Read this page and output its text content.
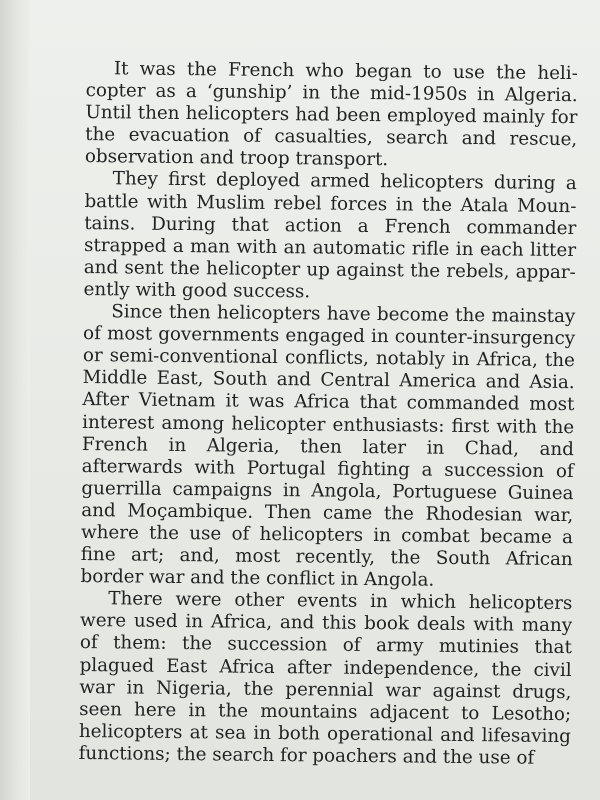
It was the French who began to use the helicopter as a ‘gunship’ in the mid-1950s in Algeria. Until then helicopters had been employed mainly for the evacuation of casualties, search and rescue, observation and troop transport.

They first deployed armed helicopters during a battle with Muslim rebel forces in the Atala Mountains. During that action a French commander strapped a man with an automatic rifle in each litter and sent the helicopter up against the rebels, apparently with good success.

Since then helicopters have become the mainstay of most governments engaged in counter-insurgency or semi-conventional conflicts, notably in Africa, the Middle East, South and Central America and Asia. After Vietnam it was Africa that commanded most interest among helicopter enthusiasts: first with the French in Algeria, then later in Chad, and afterwards with Portugal fighting a succession of guerrilla campaigns in Angola, Portuguese Guinea and Moçambique. Then came the Rhodesian war, where the use of helicopters in combat became a fine art; and, most recently, the South African border war and the conflict in Angola.

There were other events in which helicopters were used in Africa, and this book deals with many of them: the succession of army mutinies that plagued East Africa after independence, the civil war in Nigeria, the perennial war against drugs, seen here in the mountains adjacent to Lesotho; helicopters at sea in both operational and lifesaving functions; the search for poachers and the use of
